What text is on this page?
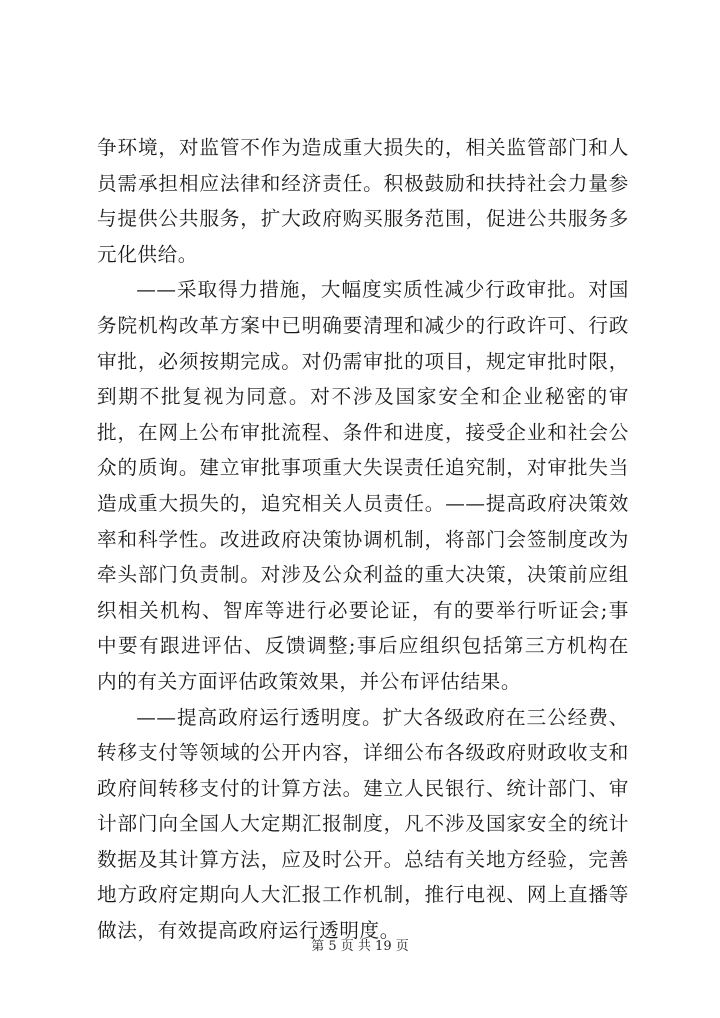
争环境，对监管不作为造成重大损失的，相关监管部门和人员需承担相应法律和经济责任。积极鼓励和扶持社会力量参与提供公共服务，扩大政府购买服务范围，促进公共服务多元化供给。

——采取得力措施，大幅度实质性减少行政审批。对国务院机构改革方案中已明确要清理和减少的行政许可、行政审批，必须按期完成。对仍需审批的项目，规定审批时限，到期不批复视为同意。对不涉及国家安全和企业秘密的审批，在网上公布审批流程、条件和进度，接受企业和社会公众的质询。建立审批事项重大失误责任追究制，对审批失当造成重大损失的，追究相关人员责任。——提高政府决策效率和科学性。改进政府决策协调机制，将部门会签制度改为牵头部门负责制。对涉及公众利益的重大决策，决策前应组织相关机构、智库等进行必要论证，有的要举行听证会;事中要有跟进评估、反馈调整;事后应组织包括第三方机构在内的有关方面评估政策效果，并公布评估结果。

——提高政府运行透明度。扩大各级政府在三公经费、转移支付等领域的公开内容，详细公布各级政府财政收支和政府间转移支付的计算方法。建立人民银行、统计部门、审计部门向全国人大定期汇报制度，凡不涉及国家安全的统计数据及其计算方法，应及时公开。总结有关地方经验，完善地方政府定期向人大汇报工作机制，推行电视、网上直播等做法，有效提高政府运行透明度。

第 5 页 共 19 页
